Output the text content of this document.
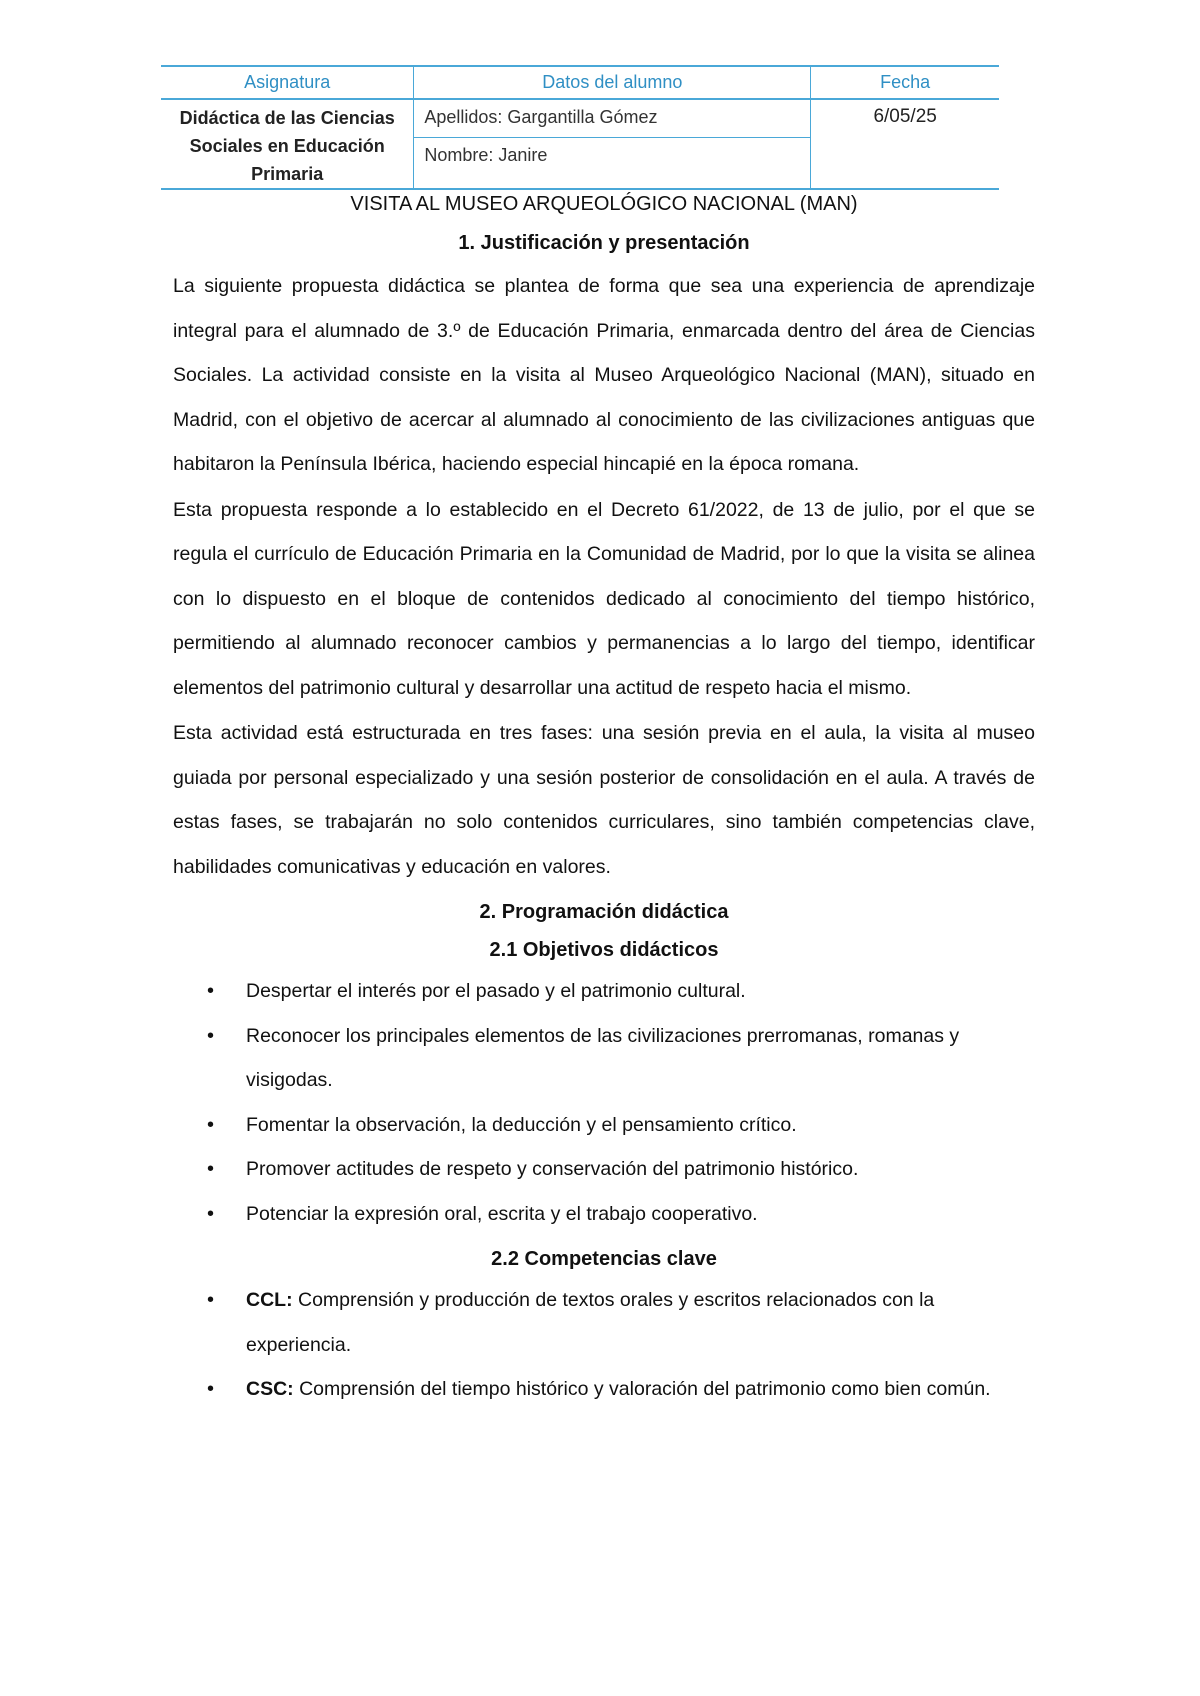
Asignatura	Datos del alumno	Fecha
Didáctica de las Ciencias Sociales en Educación Primaria	Apellidos: Gargantilla Gómez	6/05/25
	Nombre: Janire	
VISITA AL MUSEO ARQUEOLÓGICO NACIONAL (MAN)
1. Justificación y presentación

La siguiente propuesta didáctica se plantea de forma que sea una experiencia de aprendizaje integral para el alumnado de 3.º de Educación Primaria, enmarcada dentro del área de Ciencias Sociales. La actividad consiste en la visita al Museo Arqueológico Nacional (MAN), situado en Madrid, con el objetivo de acercar al alumnado al conocimiento de las civilizaciones antiguas que habitaron la Península Ibérica, haciendo especial hincapié en la época romana.

Esta propuesta responde a lo establecido en el Decreto 61/2022, de 13 de julio, por el que se regula el currículo de Educación Primaria en la Comunidad de Madrid, por lo que la visita se alinea con lo dispuesto en el bloque de contenidos dedicado al conocimiento del tiempo histórico, permitiendo al alumnado reconocer cambios y permanencias a lo largo del tiempo, identificar elementos del patrimonio cultural y desarrollar una actitud de respeto hacia el mismo.

Esta actividad está estructurada en tres fases: una sesión previa en el aula, la visita al museo guiada por personal especializado y una sesión posterior de consolidación en el aula. A través de estas fases, se trabajarán no solo contenidos curriculares, sino también competencias clave, habilidades comunicativas y educación en valores.

2. Programación didáctica
2.1 Objetivos didácticos
• Despertar el interés por el pasado y el patrimonio cultural.
• Reconocer los principales elementos de las civilizaciones prerromanas, romanas y visigodas.
• Fomentar la observación, la deducción y el pensamiento crítico.
• Promover actitudes de respeto y conservación del patrimonio histórico.
• Potenciar la expresión oral, escrita y el trabajo cooperativo.
2.2 Competencias clave
• CCL: Comprensión y producción de textos orales y escritos relacionados con la experiencia.
• CSC: Comprensión del tiempo histórico y valoración del patrimonio como bien común.
